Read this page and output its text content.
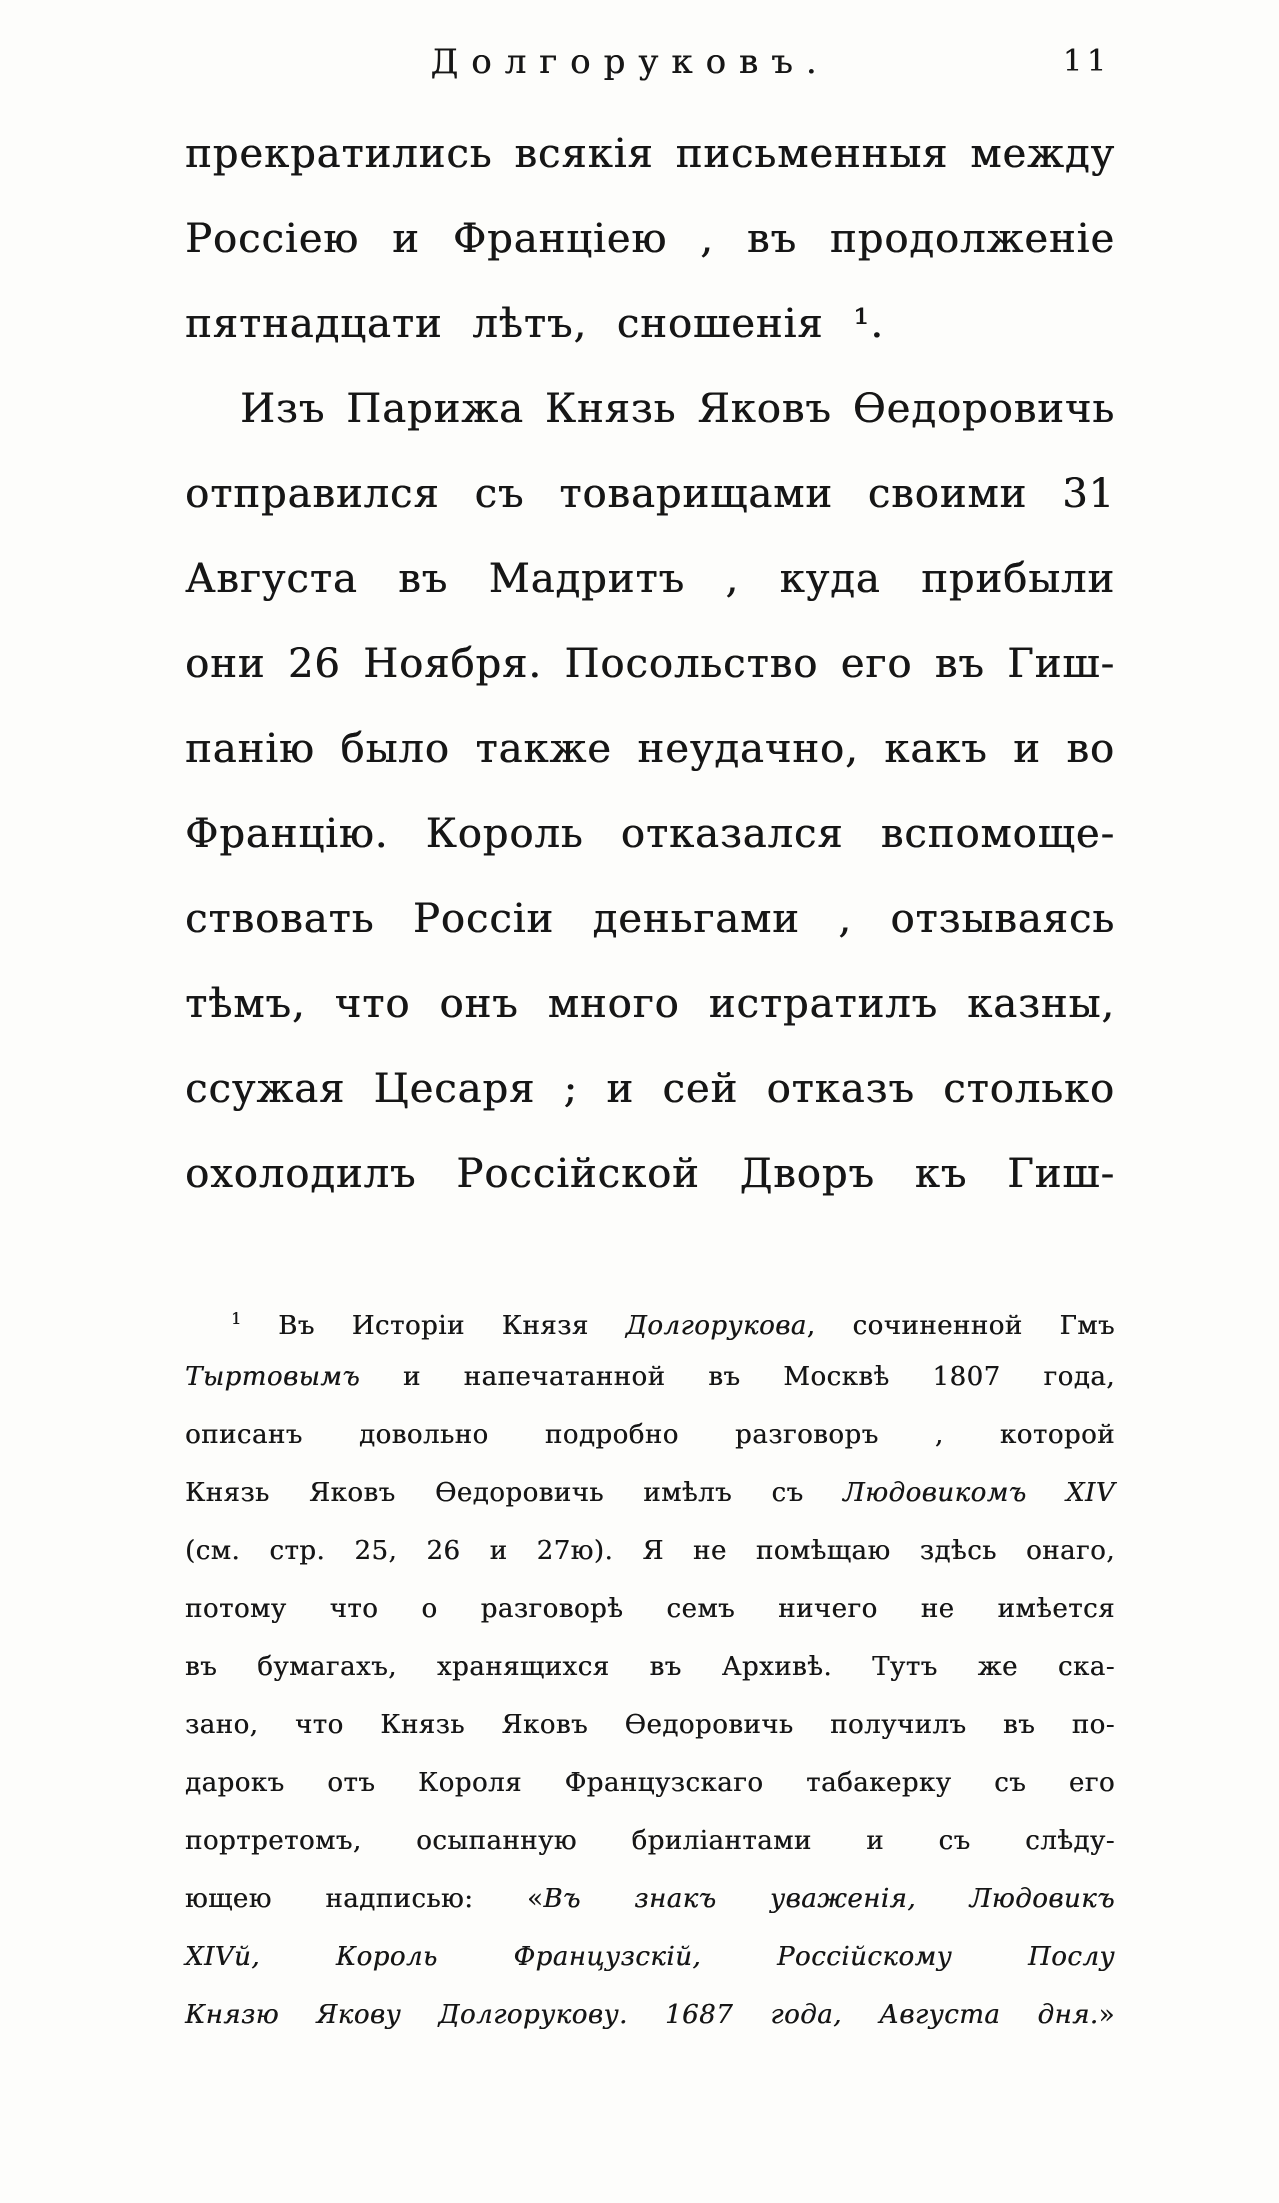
Долгоруковъ.	11
прекратились всякія письменныя между
Россіею и Франціею , въ продолженіе
пятнадцати лѣтъ, сношенія ¹.
Изъ Парижа Князь Яковъ Ѳедоровичь
отправился съ товарищами своими 31
Августа въ Мадритъ , куда прибыли
они 26 Ноября. Посольство его въ Гиш-
панію было также неудачно, какъ и во
Францію. Король отказался вспомоще-
ствовать Россіи деньгами , отзываясь
тѣмъ, что онъ много истратилъ казны,
ссужая Цесаря ; и сей отказъ столько
охолодилъ Россійской Дворъ къ Гиш-
$^1$ Въ Исторіи Князя Долгорукова, сочиненной Гмъ
Тыртовымъ и напечатанной въ Москвѣ 1807 года,
описанъ довольно подробно разговоръ , которой
Князь Яковъ Ѳедоровичь имѣлъ съ Людовикомъ XIV
(см. стр. 25, 26 и 27ю). Я не помѣщаю здѣсь онаго,
потому что о разговорѣ семъ ничего не имѣется
въ бумагахъ, хранящихся въ Архивѣ. Тутъ же ска-
зано, что Князь Яковъ Ѳедоровичь получилъ въ по-
дарокъ отъ Короля Французскаго табакерку съ его
портретомъ, осыпанную бриліантами и съ слѣду-
ющею надписью: «Въ знакъ уваженія, Людовикъ
XIVй, Король Французскій, Россійскому Послу
Князю Якову Долгорукову. 1687 года, Августа дня.»
